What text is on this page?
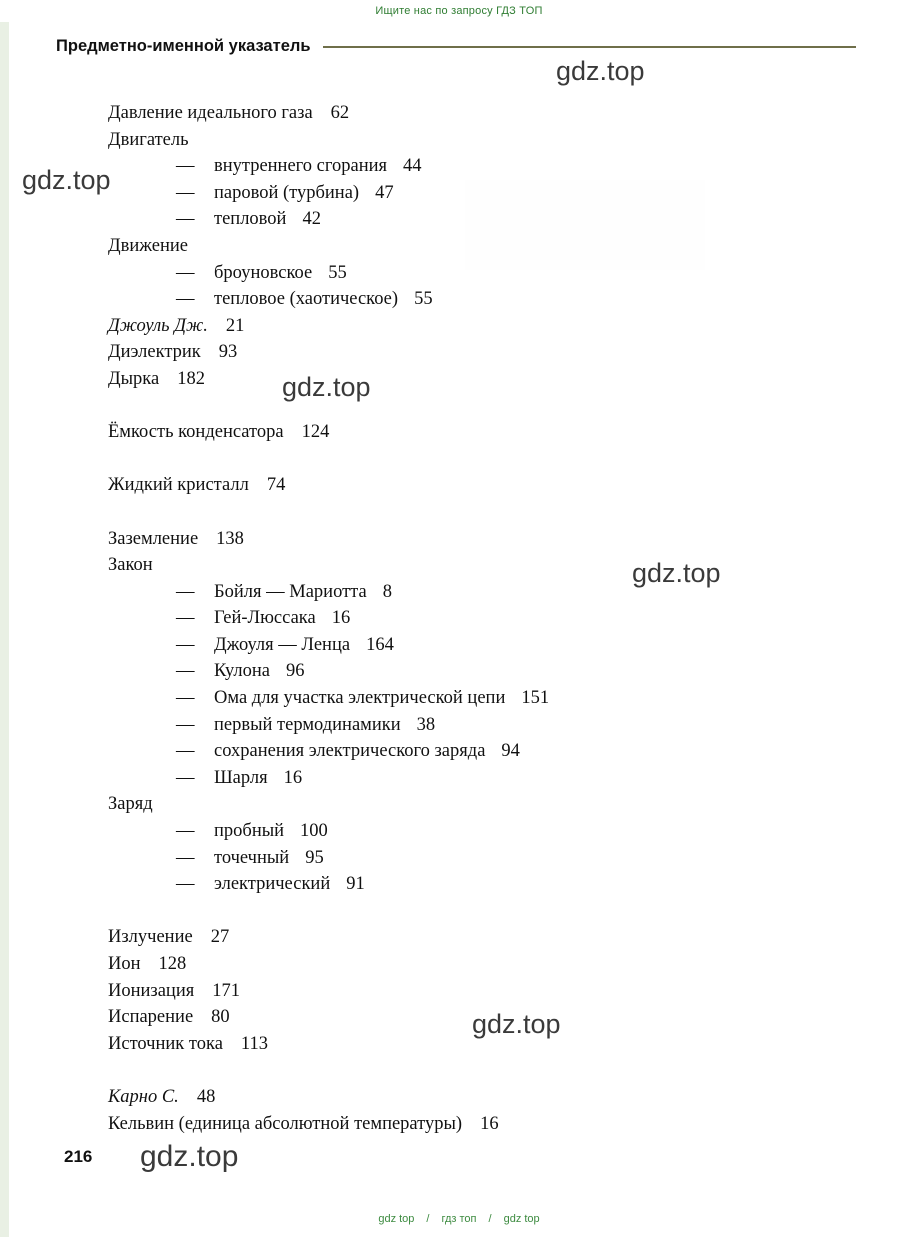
Ищите нас по запросу ГДЗ ТОП
Предметно-именной указатель
Давление идеального газа 62
Двигатель
— внутреннего сгорания 44
— паровой (турбина) 47
— тепловой 42
Движение
— броуновское 55
— тепловое (хаотическое) 55
Джоуль Дж. 21
Диэлектрик 93
Дырка 182
Ёмкость конденсатора 124
Жидкий кристалл 74
Заземление 138
Закон
— Бойля — Мариотта 8
— Гей-Люссака 16
— Джоуля — Ленца 164
— Кулона 96
— Ома для участка электрической цепи 151
— первый термодинамики 38
— сохранения электрического заряда 94
— Шарля 16
Заряд
— пробный 100
— точечный 95
— электрический 91
Излучение 27
Ион 128
Ионизация 171
Испарение 80
Источник тока 113
Карно С. 48
Кельвин (единица абсолютной температуры) 16
216
gdz.top
gdz.top
gdz.top
gdz.top
gdz.top
gdz.top
gdz top / гдз топ / gdz top
